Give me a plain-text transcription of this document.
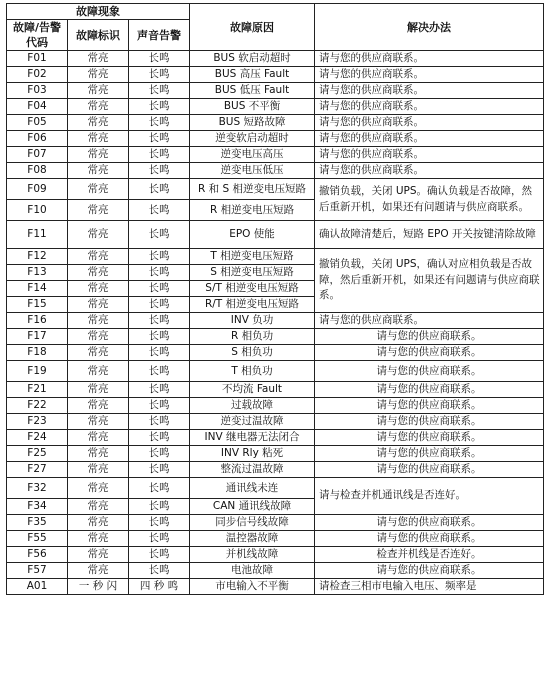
故障现象			故障原因	解决办法
故障/告警代码	故障标识	声音告警		

F01	常亮	长鸣	BUS 软启动超时	请与您的供应商联系。
F02	常亮	长鸣	BUS 高压 Fault	请与您的供应商联系。
F03	常亮	长鸣	BUS 低压 Fault	请与您的供应商联系。
F04	常亮	长鸣	BUS 不平衡	请与您的供应商联系。
F05	常亮	长鸣	BUS 短路故障	请与您的供应商联系。
F06	常亮	长鸣	逆变软启动超时	请与您的供应商联系。
F07	常亮	长鸣	逆变电压高压	请与您的供应商联系。
F08	常亮	长鸣	逆变电压低压	请与您的供应商联系。
F09	常亮	长鸣	R 和 S 相逆变电压短路	撤销负载，关闭 UPS。确认负载是否故障，然后重新开机，如果还有问题请与供应商联系。
F10	常亮	长鸣	R 相逆变电压短路	
F11	常亮	长鸣	EPO 使能	确认故障清楚后，短路 EPO 开关按键清除故障
F12	常亮	长鸣	T 相逆变电压短路	撤销负载，关闭 UPS，确认对应相负载是否故障，然后重新开机，如果还有问题请与供应商联系。
F13	常亮	长鸣	S 相逆变电压短路	
F14	常亮	长鸣	S/T 相逆变电压短路	
F15	常亮	长鸣	R/T 相逆变电压短路	
F16	常亮	长鸣	INV 负功	请与您的供应商联系。
F17	常亮	长鸣	R 相负功	请与您的供应商联系。
F18	常亮	长鸣	S 相负功	请与您的供应商联系。
F19	常亮	长鸣	T 相负功	请与您的供应商联系。
F21	常亮	长鸣	不均流 Fault	请与您的供应商联系。
F22	常亮	长鸣	过载故障	请与您的供应商联系。
F23	常亮	长鸣	逆变过温故障	请与您的供应商联系。
F24	常亮	长鸣	INV 继电器无法闭合	请与您的供应商联系。
F25	常亮	长鸣	INV Rly 粘死	请与您的供应商联系。
F27	常亮	长鸣	整流过温故障	请与您的供应商联系。
F32	常亮	长鸣	通讯线未连	请与检查并机通讯线是否连好。
F34	常亮	长鸣	CAN 通讯线故障	
F35	常亮	长鸣	同步信号线故障	请与您的供应商联系。
F55	常亮	长鸣	温控器故障	请与您的供应商联系。
F56	常亮	长鸣	并机线故障	检查并机线是否连好。
F57	常亮	长鸣	电池故障	请与您的供应商联系。
A01	一 秒 闪	四 秒 鸣	市电输入不平衡	请检查三相市电输入电压、频率是
